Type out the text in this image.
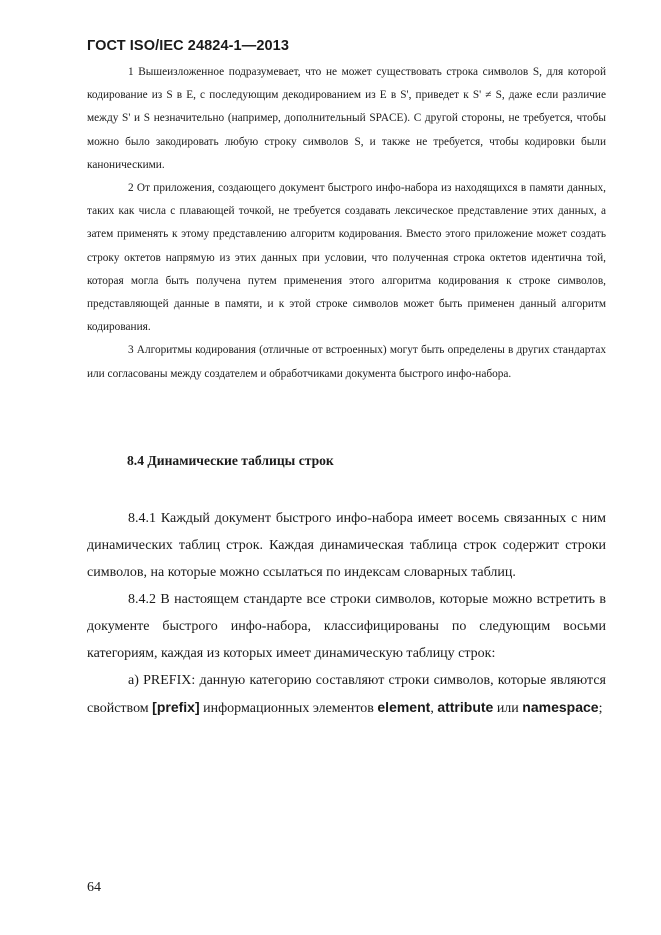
ГОСТ ISO/IEC 24824-1—2013

1 Вышеизложенное подразумевает, что не может существовать строка символов S, для которой кодирование из S в E, с последующим декодированием из E в S', приведет к S' ≠ S, даже если различие между S' и S незначительно (например, дополнительный SPACE). С другой стороны, не требуется, чтобы можно было закодировать любую строку символов S, и также не требуется, чтобы кодировки были каноническими.

2 От приложения, создающего документ быстрого инфо-набора из находящихся в памяти данных, таких как числа с плавающей точкой, не требуется создавать лексическое представление этих данных, а затем применять к этому представлению алгоритм кодирования. Вместо этого приложение может создать строку октетов напрямую из этих данных при условии, что полученная строка октетов идентична той, которая могла быть получена путем применения этого алгоритма кодирования к строке символов, представляющей данные в памяти, и к этой строке символов может быть применен данный алгоритм кодирования.

3 Алгоритмы кодирования (отличные от встроенных) могут быть определены в других стандартах или согласованы между создателем и обработчиками документа быстрого инфо-набора.

8.4 Динамические таблицы строк

8.4.1 Каждый документ быстрого инфо-набора имеет восемь связанных с ним динамических таблиц строк. Каждая динамическая таблица строк содержит строки символов, на которые можно ссылаться по индексам словарных таблиц.

8.4.2 В настоящем стандарте все строки символов, которые можно встретить в документе быстрого инфо-набора, классифицированы по следующим восьми категориям, каждая из которых имеет динамическую таблицу строк:

a) PREFIX: данную категорию составляют строки символов, которые являются свойством [prefix] информационных элементов element, attribute или namespace;

64
